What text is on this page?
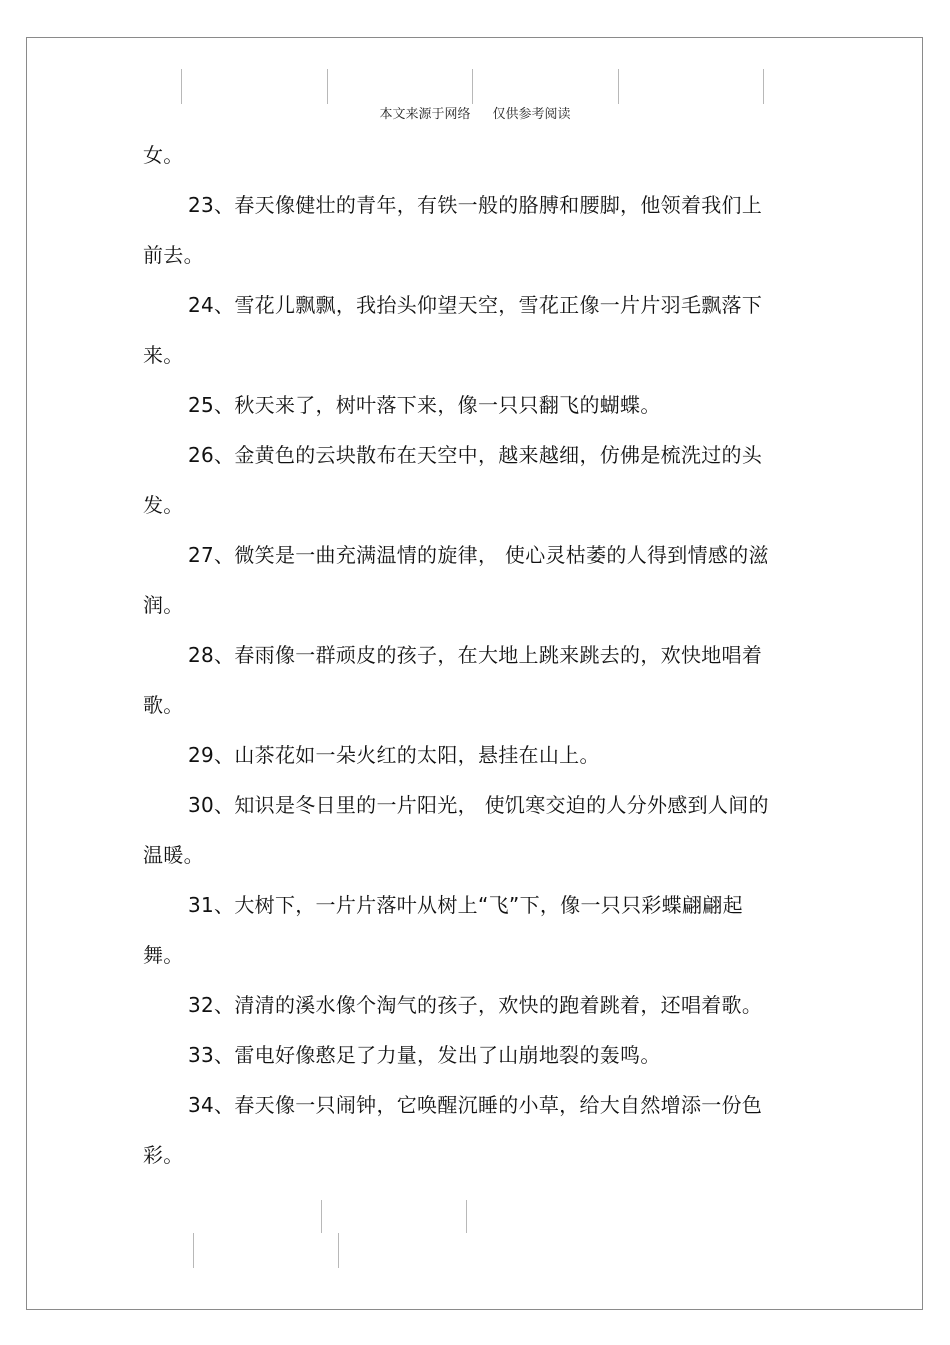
本文来源于网络 仅供参考阅读
女。
23、春天像健壮的青年，有铁一般的胳膊和腰脚，他领着我们上
前去。
24、雪花儿飘飘，我抬头仰望天空，雪花正像一片片羽毛飘落下
来。
25、秋天来了，树叶落下来，像一只只翻飞的蝴蝶。
26、金黄色的云块散布在天空中，越来越细，仿佛是梳洗过的头
发。
27、微笑是一曲充满温情的旋律， 使心灵枯萎的人得到情感的滋
润。
28、春雨像一群顽皮的孩子，在大地上跳来跳去的，欢快地唱着
歌。
29、山茶花如一朵火红的太阳，悬挂在山上。
30、知识是冬日里的一片阳光， 使饥寒交迫的人分外感到人间的
温暖。
31、大树下，一片片落叶从树上“飞”下，像一只只彩蝶翩翩起
舞。
32、清清的溪水像个淘气的孩子，欢快的跑着跳着，还唱着歌。
33、雷电好像憨足了力量，发出了山崩地裂的轰鸣。
34、春天像一只闹钟，它唤醒沉睡的小草，给大自然增添一份色
彩。
